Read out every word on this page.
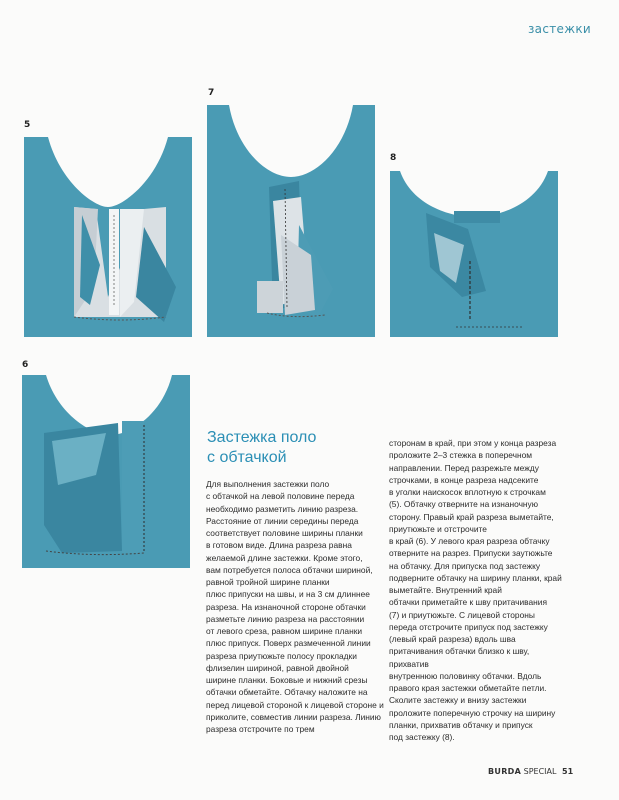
застежки

5
7
8
6
Застежка поло
с обтачкой
Для выполнения застежки поло
с обтачкой на левой половине переда
необходимо разметить линию разреза.
Расстояние от линии середины переда
соответствует половине ширины планки
в готовом виде. Длина разреза равна
желаемой длине застежки. Кроме этого,
вам потребуется полоса обтачки шириной, равной тройной ширине планки
плюс припуски на швы, и на 3 см длиннее
разреза. На изнаночной стороне обтачки
разметьте линию разреза на расстоянии
от левого среза, равном ширине планки
плюс припуск. Поверх размеченной линии разреза приутюжьте полосу прокладки флизелин шириной, равной двойной
ширине планки. Боковые и нижний срезы
обтачки обметайте. Обтачку наложите на
перед лицевой стороной к лицевой стороне и приколите, совместив линии разреза. Линию разреза отстрочите по трем
сторонам в край, при этом у конца разреза проложите 2–3 стежка в поперечном
направлении. Перед разрежьте между
строчками, в конце разреза надсеките
в уголки наискосок вплотную к строчкам
(5). Обтачку отверните на изнаночную
сторону. Правый край разреза выметайте,
приутюжьте и отстрочите
в край (6). У левого края разреза обтачку
отверните на разрез. Припуски заутюжьте
на обтачку. Для припуска под застежку
подверните обтачку на ширину планки, край выметайте. Внутренний край
обтачки приметайте к шву притачивания
(7) и приутюжьте. С лицевой стороны
переда отстрочите припуск под застежку
(левый край разреза) вдоль шва притачивания обтачки близко к шву, прихватив
внутреннюю половинку обтачки. Вдоль
правого края застежки обметайте петли.
Сколите застежку и внизу застежки проложите поперечную строчку на ширину
планки, прихватив обтачку и припуск
под застежку (8).
BURDA SPECIAL 51
